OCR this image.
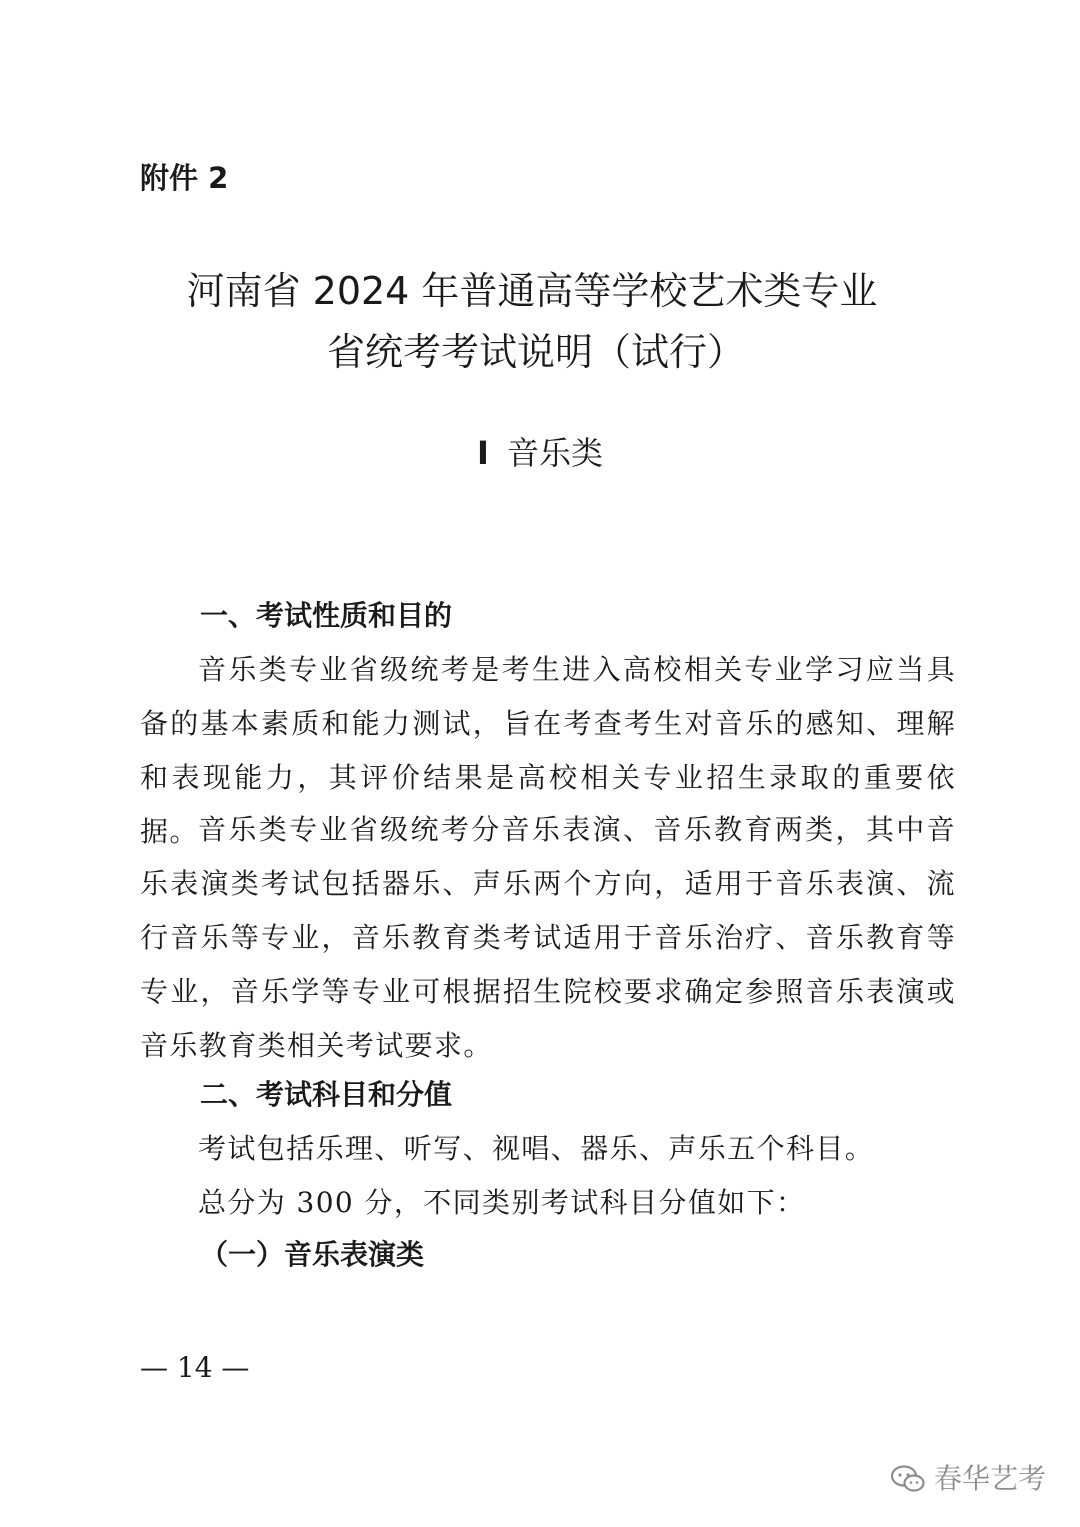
附件 2
河南省 2024 年普通高等学校艺术类专业
省统考考试说明（试行）
Ⅰ 音乐类
一、考试性质和目的
音乐类专业省级统考是考生进入高校相关专业学习应当具备的基本素质和能力测试，旨在考查考生对音乐的感知、理解和表现能力，其评价结果是高校相关专业招生录取的重要依据。 音乐类专业省级统考分音乐表演、音乐教育两类，其中音乐表演类考试包括器乐、声乐两个方向，适用于音乐表演、流行音乐等专业，音乐教育类考试适用于音乐治疗、音乐教育等专业，音乐学等专业可根据招生院校要求确定参照音乐表演或音乐教育类相关考试要求。
二、考试科目和分值
考试包括乐理、听写、视唱、器乐、声乐五个科目。
总分为 300 分，不同类别考试科目分值如下：
（一）音乐表演类
— 14 —
春华艺考
